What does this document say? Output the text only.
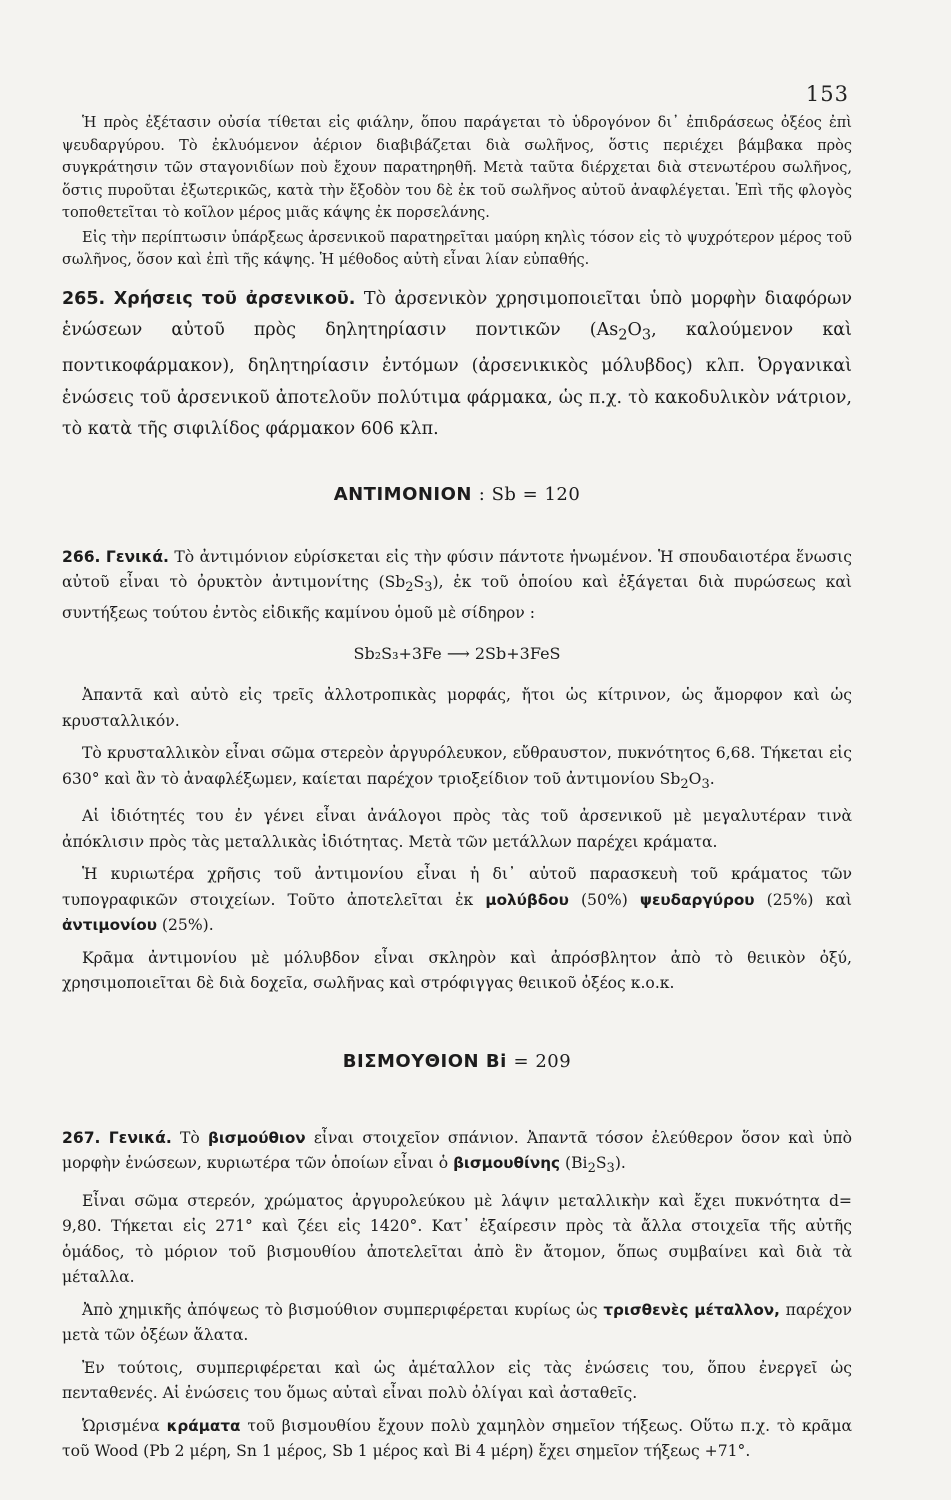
153

Ἡ πρὸς ἐξέτασιν οὐσία τίθεται εἰς φιάλην, ὅπου παράγεται τὸ ὑδρογόνον δι᾿ ἐπιδράσεως ὀξέος ἐπὶ ψευδαργύρου. Τὸ ἐκλυόμενον ἀέριον διαβιβάζεται διὰ σωλῆνος, ὅστις περιέχει βάμβακα πρὸς συγκράτησιν τῶν σταγονιδίων ποὺ ἔχουν παρατηρηθῆ. Μετὰ ταῦτα διέρχεται διὰ στενωτέρου σωλῆνος, ὅστις πυροῦται ἐξωτερικῶς, κατὰ τὴν ἔξοδὸν του δὲ ἐκ τοῦ σωλῆνος αὐτοῦ ἀναφλέγεται. Ἐπὶ τῆς φλογὸς τοποθετεῖται τὸ κοῖλον μέρος μιᾶς κάψης ἐκ πορσελάνης.

Εἰς τὴν περίπτωσιν ὑπάρξεως ἀρσενικοῦ παρατηρεῖται μαύρη κηλὶς τόσον εἰς τὸ ψυχρότερον μέρος τοῦ σωλῆνος, ὅσον καὶ ἐπὶ τῆς κάψης. Ἡ μέθοδος αὐτὴ εἶναι λίαν εὐπαθής.

265. Χρήσεις τοῦ ἀρσενικοῦ. Τὸ ἀρσενικὸν χρησιμοποιεῖται ὑπὸ μορφὴν διαφόρων ἑνώσεων αὐτοῦ πρὸς δηλητηρίασιν ποντικῶν ($As_2O_3$, καλούμενον καὶ ποντικοφάρμακον), δηλητηρίασιν ἐντόμων (ἀρσενικικὸς μόλυβδος) κλπ. Ὀργανικαὶ ἑνώσεις τοῦ ἀρσενικοῦ ἀποτελοῦν πολύτιμα φάρμακα, ὡς π.χ. τὸ κακοδυλικὸν νάτριον, τὸ κατὰ τῆς σιφιλίδος φάρμακον 606 κλπ.

ΑΝΤΙΜΟΝΙΟΝ : Sb = 120

266. Γενικά. Τὸ ἀντιμόνιον εὑρίσκεται εἰς τὴν φύσιν πάντοτε ἡνωμένον. Ἡ σπουδαιοτέρα ἕνωσις αὐτοῦ εἶναι τὸ ὀρυκτὸν ἀντιμονίτης $(Sb_2S_3)$, ἐκ τοῦ ὁποίου καὶ ἐξάγεται διὰ πυρώσεως καὶ συντήξεως τούτου ἐντὸς εἰδικῆς καμίνου ὁμοῦ μὲ σίδηρον :

Sb₂S₃+3Fe ⟶ 2Sb+3FeS

Ἀπαντᾶ καὶ αὐτὸ εἰς τρεῖς ἀλλοτροπικὰς μορφάς, ἤτοι ὡς κίτρινον, ὡς ἄμορφον καὶ ὡς κρυσταλλικόν.

Τὸ κρυσταλλικὸν εἶναι σῶμα στερεὸν ἀργυρόλευκον, εὔθραυστον, πυκνότητος 6,68. Τήκεται εἰς 630° καὶ ἂν τὸ ἀναφλέξωμεν, καίεται παρέχον τριοξείδιον τοῦ ἀντιμονίου $Sb_2O_3$.

Αἱ ἰδιότητές του ἐν γένει εἶναι ἀνάλογοι πρὸς τὰς τοῦ ἀρσενικοῦ μὲ μεγαλυτέραν τινὰ ἀπόκλισιν πρὸς τὰς μεταλλικὰς ἰδιότητας. Μετὰ τῶν μετάλλων παρέχει κράματα.

Ἡ κυριωτέρα χρῆσις τοῦ ἀντιμονίου εἶναι ἡ δι᾿ αὐτοῦ παρασκευὴ τοῦ κράματος τῶν τυπογραφικῶν στοιχείων. Τοῦτο ἀποτελεῖται ἐκ μολύβδου (50%) ψευδαργύρου (25%) καὶ ἀντιμονίου (25%).

Κρᾶμα ἀντιμονίου μὲ μόλυβδον εἶναι σκληρὸν καὶ ἀπρόσβλητον ἀπὸ τὸ θειικὸν ὀξύ, χρησιμοποιεῖται δὲ διὰ δοχεῖα, σωλῆνας καὶ στρόφιγγας θειικοῦ ὀξέος κ.ο.κ.

ΒΙΣΜΟΥΘΙΟΝ Bi = 209

267. Γενικά. Τὸ βισμούθιον εἶναι στοιχεῖον σπάνιον. Ἀπαντᾶ τόσον ἐλεύθερον ὅσον καὶ ὑπὸ μορφὴν ἑνώσεων, κυριωτέρα τῶν ὁποίων εἶναι ὁ βισμουθίνης $(Bi_2S_3)$.

Εἶναι σῶμα στερεόν, χρώματος ἀργυρολεύκου μὲ λάψιν μεταλλικὴν καὶ ἔχει πυκνότητα d= 9,80. Τήκεται εἰς 271° καὶ ζέει εἰς 1420°. Κατ᾿ ἐξαίρεσιν πρὸς τὰ ἄλλα στοιχεῖα τῆς αὐτῆς ὁμάδος, τὸ μόριον τοῦ βισμουθίου ἀποτελεῖται ἀπὸ ἓν ἄτομον, ὅπως συμβαίνει καὶ διὰ τὰ μέταλλα.

Ἀπὸ χημικῆς ἀπόψεως τὸ βισμούθιον συμπεριφέρεται κυρίως ὡς τρισθενὲς μέταλλον, παρέχον μετὰ τῶν ὀξέων ἅλατα.

Ἐν τούτοις, συμπεριφέρεται καὶ ὡς ἀμέταλλον εἰς τὰς ἑνώσεις του, ὅπου ἐνεργεῖ ὡς πενταθενές. Αἱ ἑνώσεις του ὅμως αὐταὶ εἶναι πολὺ ὀλίγαι καὶ ἀσταθεῖς.

Ὡρισμένα κράματα τοῦ βισμουθίου ἔχουν πολὺ χαμηλὸν σημεῖον τήξεως. Οὕτω π.χ. τὸ κρᾶμα τοῦ Wood (Pb 2 μέρη, Sn 1 μέρος, Sb 1 μέρος καὶ Bi 4 μέρη) ἔχει σημεῖον τήξεως +71°.
